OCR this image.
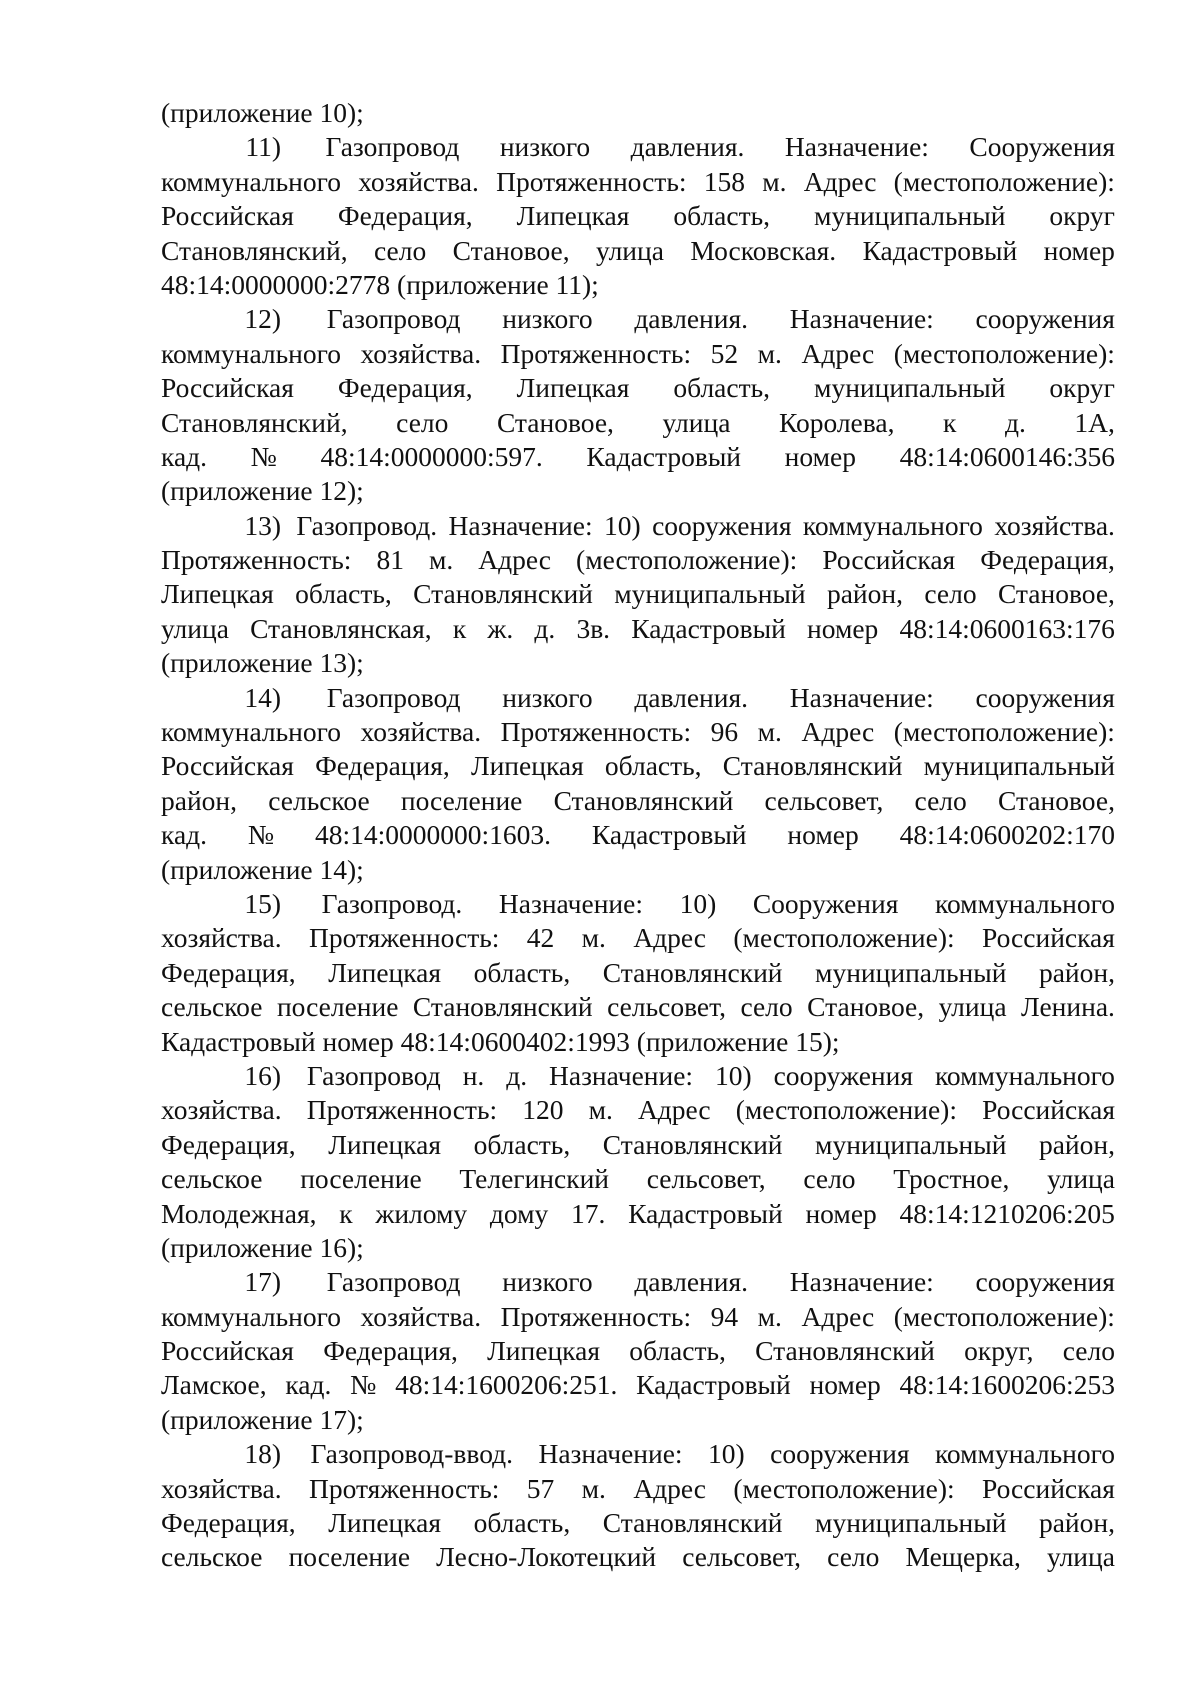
(приложение 10);
11) Газопровод низкого давления. Назначение: Сооружения
коммунального хозяйства. Протяженность: 158 м. Адрес (местоположение):
Российская Федерация, Липецкая область, муниципальный округ
Становлянский, село Становое, улица Московская. Кадастровый номер
48:14:0000000:2778 (приложение 11);
12) Газопровод низкого давления. Назначение: сооружения
коммунального хозяйства. Протяженность: 52 м. Адрес (местоположение):
Российская Федерация, Липецкая область, муниципальный округ
Становлянский, село Становое, улица Королева, к д. 1А,
кад. № 48:14:0000000:597. Кадастровый номер 48:14:0600146:356
(приложение 12);
13) Газопровод. Назначение: 10) сооружения коммунального хозяйства.
Протяженность: 81 м. Адрес (местоположение): Российская Федерация,
Липецкая область, Становлянский муниципальный район, село Становое,
улица Становлянская, к ж. д. 3в. Кадастровый номер 48:14:0600163:176
(приложение 13);
14) Газопровод низкого давления. Назначение: сооружения
коммунального хозяйства. Протяженность: 96 м. Адрес (местоположение):
Российская Федерация, Липецкая область, Становлянский муниципальный
район, сельское поселение Становлянский сельсовет, село Становое,
кад. № 48:14:0000000:1603. Кадастровый номер 48:14:0600202:170
(приложение 14);
15) Газопровод. Назначение: 10) Сооружения коммунального
хозяйства. Протяженность: 42 м. Адрес (местоположение): Российская
Федерация, Липецкая область, Становлянский муниципальный район,
сельское поселение Становлянский сельсовет, село Становое, улица Ленина.
Кадастровый номер 48:14:0600402:1993 (приложение 15);
16) Газопровод н. д. Назначение: 10) сооружения коммунального
хозяйства. Протяженность: 120 м. Адрес (местоположение): Российская
Федерация, Липецкая область, Становлянский муниципальный район,
сельское поселение Телегинский сельсовет, село Тростное, улица
Молодежная, к жилому дому 17. Кадастровый номер 48:14:1210206:205
(приложение 16);
17) Газопровод низкого давления. Назначение: сооружения
коммунального хозяйства. Протяженность: 94 м. Адрес (местоположение):
Российская Федерация, Липецкая область, Становлянский округ, село
Ламское, кад. № 48:14:1600206:251. Кадастровый номер 48:14:1600206:253
(приложение 17);
18) Газопровод-ввод. Назначение: 10) сооружения коммунального
хозяйства. Протяженность: 57 м. Адрес (местоположение): Российская
Федерация, Липецкая область, Становлянский муниципальный район,
сельское поселение Лесно-Локотецкий сельсовет, село Мещерка, улица
